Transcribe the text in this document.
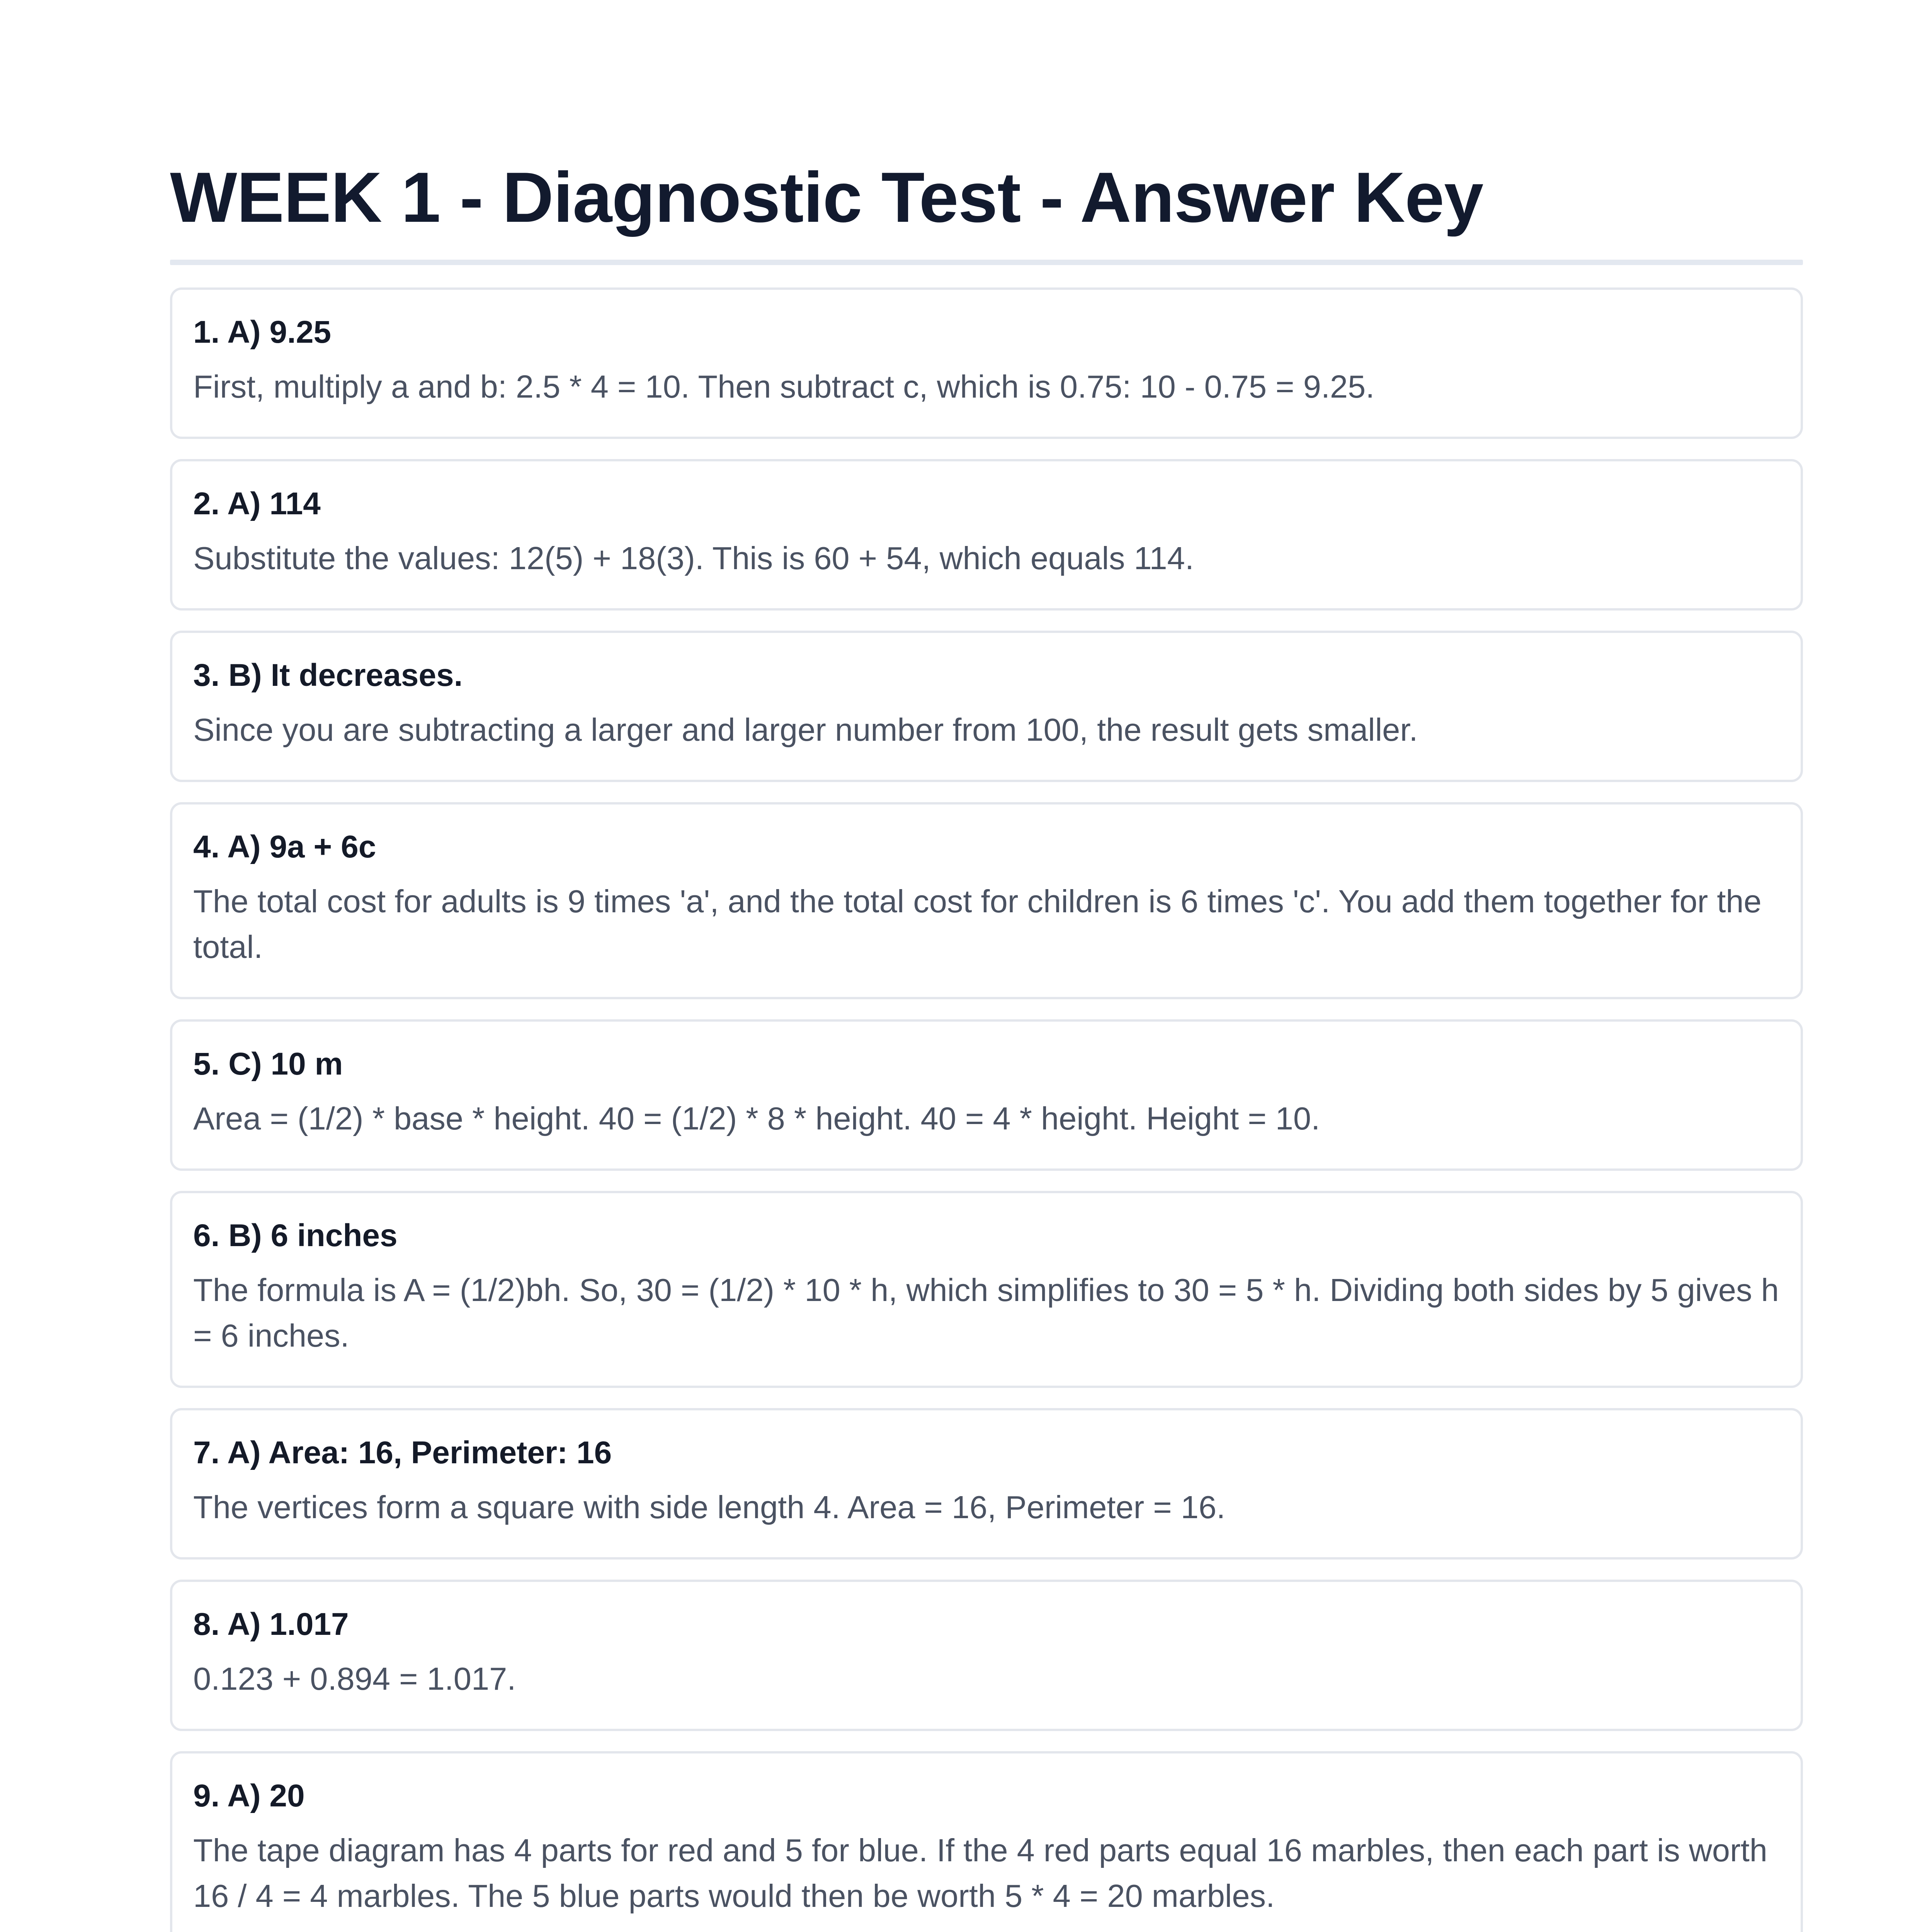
WEEK 1 - Diagnostic Test - Answer Key
1. A) 9.25
First, multiply a and b: 2.5 * 4 = 10. Then subtract c, which is 0.75: 10 - 0.75 = 9.25.
2. A) 114
Substitute the values: 12(5) + 18(3). This is 60 + 54, which equals 114.
3. B) It decreases.
Since you are subtracting a larger and larger number from 100, the result gets smaller.
4. A) 9a + 6c
The total cost for adults is 9 times 'a', and the total cost for children is 6 times 'c'. You add them together for the total.
5. C) 10 m
Area = (1/2) * base * height. 40 = (1/2) * 8 * height. 40 = 4 * height. Height = 10.
6. B) 6 inches
The formula is A = (1/2)bh. So, 30 = (1/2) * 10 * h, which simplifies to 30 = 5 * h. Dividing both sides by 5 gives h = 6 inches.
7. A) Area: 16, Perimeter: 16
The vertices form a square with side length 4. Area = 16, Perimeter = 16.
8. A) 1.017
0.123 + 0.894 = 1.017.
9. A) 20
The tape diagram has 4 parts for red and 5 for blue. If the 4 red parts equal 16 marbles, then each part is worth 16 / 4 = 4 marbles. The 5 blue parts would then be worth 5 * 4 = 20 marbles.
